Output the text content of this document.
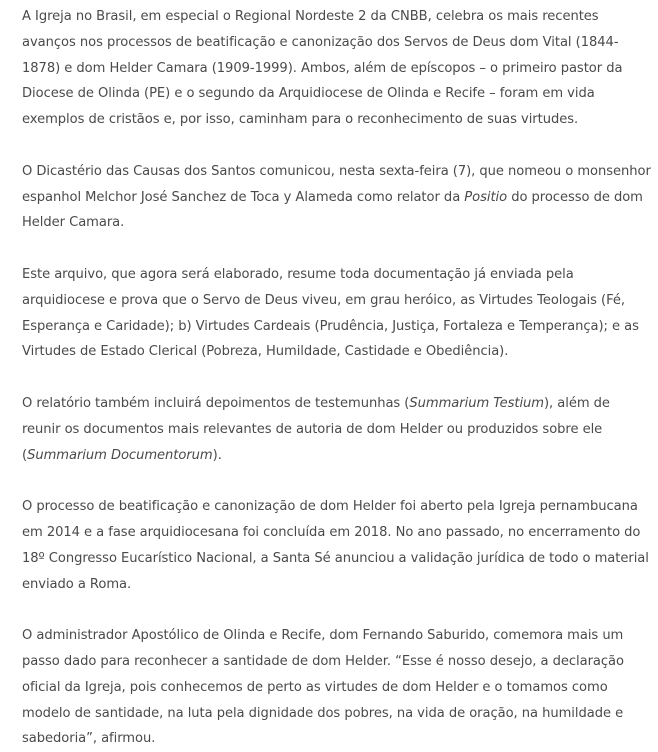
A Igreja no Brasil, em especial o Regional Nordeste 2 da CNBB, celebra os mais recentes avanços nos processos de beatificação e canonização dos Servos de Deus dom Vital (1844-1878) e dom Helder Camara (1909-1999). Ambos, além de epíscopos – o primeiro pastor da Diocese de Olinda (PE) e o segundo da Arquidiocese de Olinda e Recife – foram em vida exemplos de cristãos e, por isso, caminham para o reconhecimento de suas virtudes.

O Dicastério das Causas dos Santos comunicou, nesta sexta-feira (7), que nomeou o monsenhor espanhol Melchor José Sanchez de Toca y Alameda como relator da Positio do processo de dom Helder Camara.

Este arquivo, que agora será elaborado, resume toda documentação já enviada pela arquidiocese e prova que o Servo de Deus viveu, em grau heróico, as Virtudes Teologais (Fé, Esperança e Caridade); b) Virtudes Cardeais (Prudência, Justiça, Fortaleza e Temperança); e as Virtudes de Estado Clerical (Pobreza, Humildade, Castidade e Obediência).

O relatório também incluirá depoimentos de testemunhas (Summarium Testium), além de reunir os documentos mais relevantes de autoria de dom Helder ou produzidos sobre ele (Summarium Documentorum).

O processo de beatificação e canonização de dom Helder foi aberto pela Igreja pernambucana em 2014 e a fase arquidiocesana foi concluída em 2018. No ano passado, no encerramento do 18º Congresso Eucarístico Nacional, a Santa Sé anunciou a validação jurídica de todo o material enviado a Roma.

O administrador Apostólico de Olinda e Recife, dom Fernando Saburido, comemora mais um passo dado para reconhecer a santidade de dom Helder. “Esse é nosso desejo, a declaração oficial da Igreja, pois conhecemos de perto as virtudes de dom Helder e o tomamos como modelo de santidade, na luta pela dignidade dos pobres, na vida de oração, na humildade e sabedoria”, afirmou.
